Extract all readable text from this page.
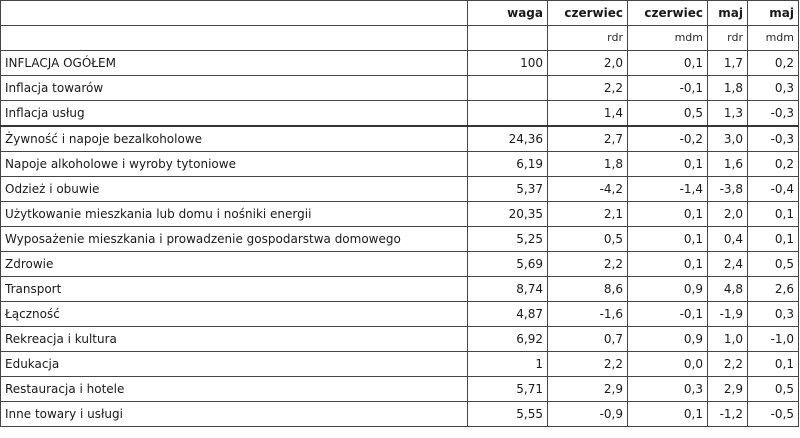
	waga	czerwiec	czerwiec	maj	maj
		rdr	mdm	rdr	mdm
INFLACJA OGÓŁEM	100	2,0	0,1	1,7	0,2
Inflacja towarów		2,2	-0,1	1,8	0,3
Inflacja usług		1,4	0,5	1,3	-0,3
Żywność i napoje bezalkoholowe	24,36	2,7	-0,2	3,0	-0,3
Napoje alkoholowe i wyroby tytoniowe	6,19	1,8	0,1	1,6	0,2
Odzież i obuwie	5,37	-4,2	-1,4	-3,8	-0,4
Użytkowanie mieszkania lub domu i nośniki energii	20,35	2,1	0,1	2,0	0,1
Wyposażenie mieszkania i prowadzenie gospodarstwa domowego	5,25	0,5	0,1	0,4	0,1
Zdrowie	5,69	2,2	0,1	2,4	0,5
Transport	8,74	8,6	0,9	4,8	2,6
Łączność	4,87	-1,6	-0,1	-1,9	0,3
Rekreacja i kultura	6,92	0,7	0,9	1,0	-1,0
Edukacja	1	2,2	0,0	2,2	0,1
Restauracja i hotele	5,71	2,9	0,3	2,9	0,5
Inne towary i usługi	5,55	-0,9	0,1	-1,2	-0,5
